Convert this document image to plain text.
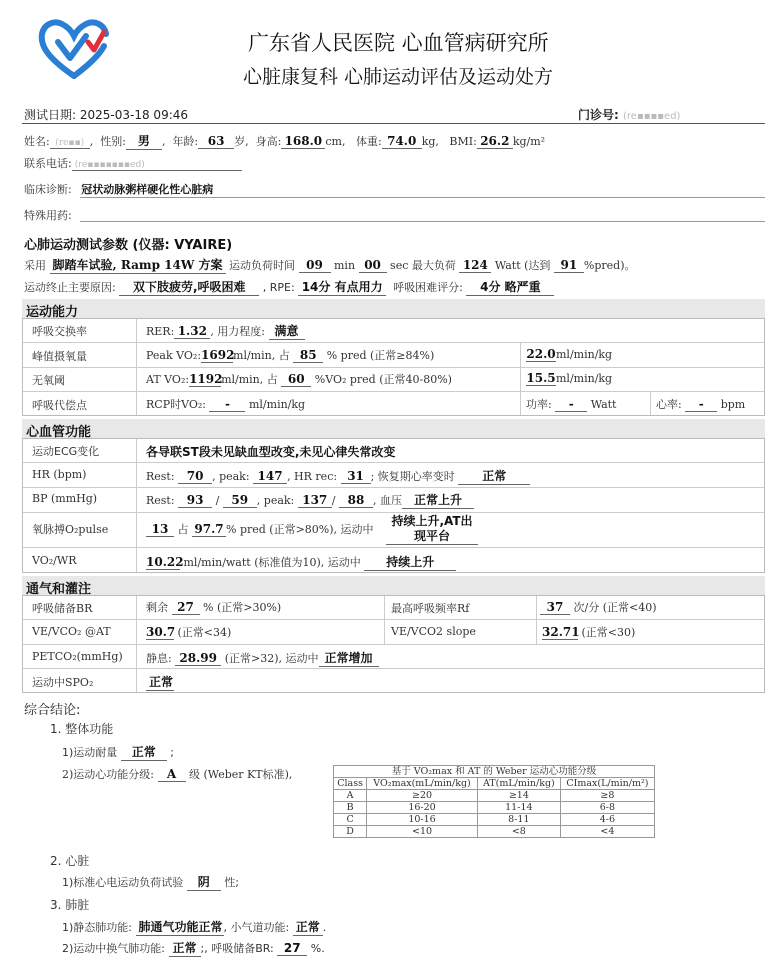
广东省人民医院 心血管病研究所
心脏康复科 心肺运动评估及运动处方
测试日期: 2025-03-18 09:46	门诊号: (re▪▪▪▪ed)
姓名: (re▪▪) ,  性别: 男 ,  年龄: 63 岁, 身高: 168.0 cm, 体重: 74.0 kg, BMI: 26.2 kg/m²
联系电话: (re▪▪▪▪▪▪▪ed)
临床诊断: 冠状动脉粥样硬化性心脏病
特殊用药:
心肺运动测试参数 (仪器: VYAIRE)
采用 脚踏车试验, Ramp 14W 方案 运动负荷时间 09 min 00 sec 最大负荷 124 Watt (达到 91 %pred)。
运动终止主要原因: 双下肢疲劳,呼吸困难 , RPE: 14分 有点用力 呼吸困难评分: 4分 略严重
运动能力
呼吸交换率	RER: 1.32 , 用力程度: 满意
峰值摄氧量	Peak VO₂:1692ml/min, 占 85 % pred (正常≥84%)	22.0ml/min/kg
无氧阈	AT VO₂:1192ml/min, 占 60 %VO₂ pred (正常40-80%)	15.5ml/min/kg
呼吸代偿点	RCP时VO₂: - ml/min/kg	功率: - Watt	心率: - bpm
心血管功能
运动ECG变化	各导联ST段未见缺血型改变,未见心律失常改变
HR (bpm)	Rest: 70 , peak: 147 , HR rec: 31 ; 恢复期心率变时 正常
BP (mmHg)	Rest: 93 / 59 , peak: 137 / 88 , 血压 正常上升
氧脉搏O₂pulse	13 占 97.7 % pred (正常>80%), 运动中
持续上升,AT出
现平台
VO₂/WR	10.22 ml/min/watt (标准值为10), 运动中 持续上升
通气和灌注
呼吸储备BR	剩余 27 % (正常>30%)	最高呼吸频率Rf	37 次/分 (正常<40)
VE/VCO₂ @AT	30.7 (正常<34)	VE/VCO2 slope	32.71 (正常<30)
PETCO₂(mmHg) 静息: 28.99 (正常>32), 运动中 正常增加
运动中SPO₂	正常
综合结论:
1. 整体功能
1)运动耐量 正常 ;
2)运动心功能分级: A 级 (Weber KT标准),	基于 VO₂max 和 AT 的 Weber 运动心功能分级			
Class	VO₂max(mL/min/kg)	AT(mL/min/kg)	CImax(L/min/m²)
A	≥20	≥14	≥8
B	16-20	11-14	6-8
C	10-16	8-11	4-6
D	<10	<8	<4
2. 心脏
1)标准心电运动负荷试验 阴 性;
3. 肺脏
1)静态肺功能: 肺通气功能正常, 小气道功能: 正常 .
2)运动中换气肺功能: 正常 ;, 呼吸储备BR: 27 %.
